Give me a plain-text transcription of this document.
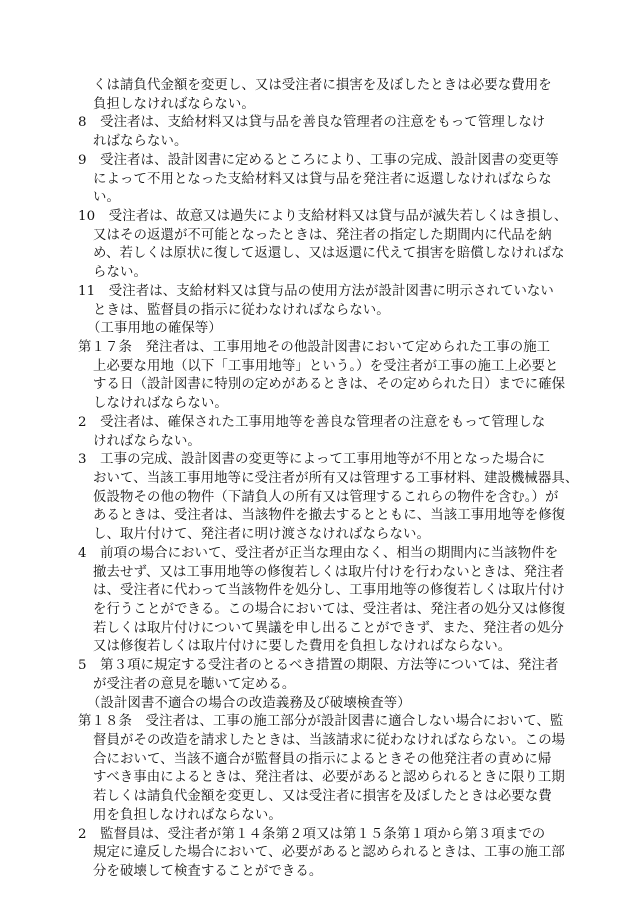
くは請負代金額を変更し、又は受注者に損害を及ぼしたときは必要な費用を
負担しなければならない。
8　受注者は、支給材料又は貸与品を善良な管理者の注意をもって管理しなけ
ればならない。
9　受注者は、設計図書に定めるところにより、工事の完成、設計図書の変更等
によって不用となった支給材料又は貸与品を発注者に返還しなければならな
い。
10　受注者は、故意又は過失により支給材料又は貸与品が滅失若しくはき損し、
又はその返還が不可能となったときは、発注者の指定した期間内に代品を納
め、若しくは原状に復して返還し、又は返還に代えて損害を賠償しなければな
らない。
11　受注者は、支給材料又は貸与品の使用方法が設計図書に明示されていない
ときは、監督員の指示に従わなければならない。
（工事用地の確保等）
第１７条　発注者は、工事用地その他設計図書において定められた工事の施工
上必要な用地（以下「工事用地等」という。）を受注者が工事の施工上必要と
する日（設計図書に特別の定めがあるときは、その定められた日）までに確保
しなければならない。
2　受注者は、確保された工事用地等を善良な管理者の注意をもって管理しな
ければならない。
3　工事の完成、設計図書の変更等によって工事用地等が不用となった場合に
おいて、当該工事用地等に受注者が所有又は管理する工事材料、建設機械器具、
仮設物その他の物件（下請負人の所有又は管理するこれらの物件を含む。）が
あるときは、受注者は、当該物件を撤去するとともに、当該工事用地等を修復
し、取片付けて、発注者に明け渡さなければならない。
4　前項の場合において、受注者が正当な理由なく、相当の期間内に当該物件を
撤去せず、又は工事用地等の修復若しくは取片付けを行わないときは、発注者
は、受注者に代わって当該物件を処分し、工事用地等の修復若しくは取片付け
を行うことができる。この場合においては、受注者は、発注者の処分又は修復
若しくは取片付けについて異議を申し出ることができず、また、発注者の処分
又は修復若しくは取片付けに要した費用を負担しなければならない。
5　第３項に規定する受注者のとるべき措置の期限、方法等については、発注者
が受注者の意見を聴いて定める。
（設計図書不適合の場合の改造義務及び破壊検査等）
第１８条　受注者は、工事の施工部分が設計図書に適合しない場合において、監
督員がその改造を請求したときは、当該請求に従わなければならない。この場
合において、当該不適合が監督員の指示によるときその他発注者の責めに帰
すべき事由によるときは、発注者は、必要があると認められるときに限り工期
若しくは請負代金額を変更し、又は受注者に損害を及ぼしたときは必要な費
用を負担しなければならない。
2　監督員は、受注者が第１４条第２項又は第１５条第１項から第３項までの
規定に違反した場合において、必要があると認められるときは、工事の施工部
分を破壊して検査することができる。
